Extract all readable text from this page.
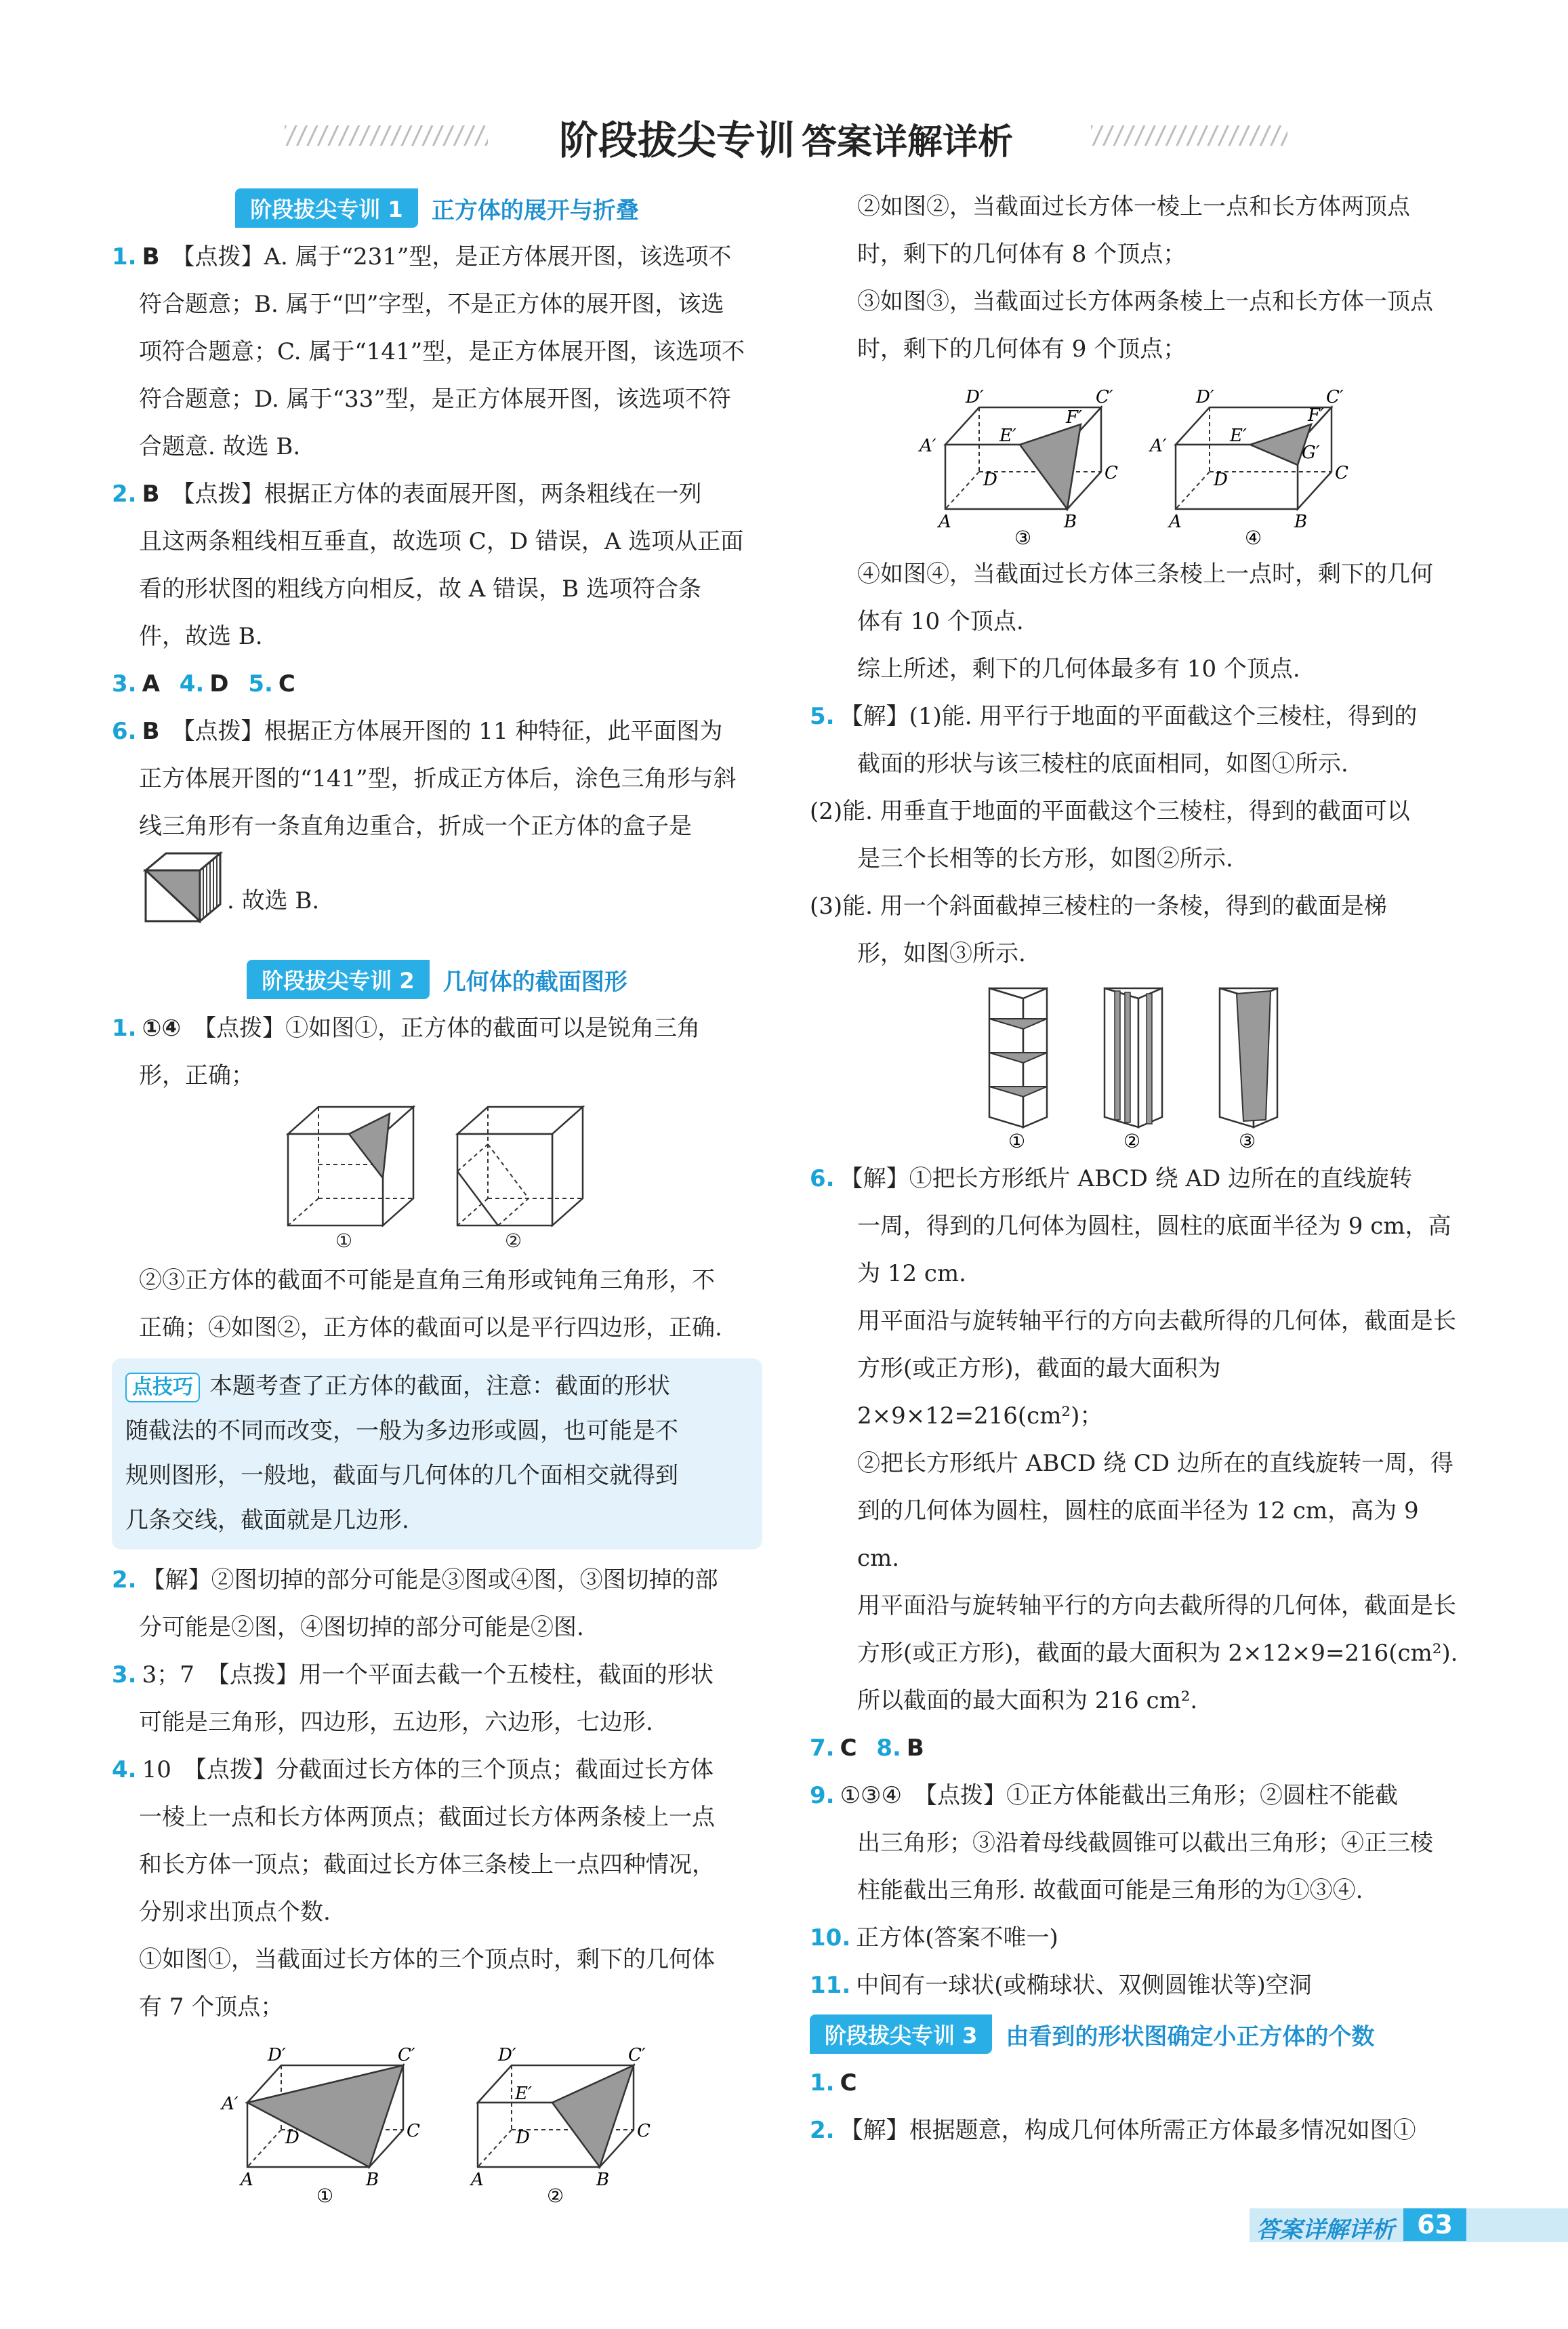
阶段拔尖专训 答案详解详析
阶段拔尖专训 1	正方体的展开与折叠
1. B 【点拨】A. 属于“231”型，是正方体展开图，该选项不
符合题意；B. 属于“凹”字型，不是正方体的展开图，该选
项符合题意；C. 属于“141”型，是正方体展开图，该选项不
符合题意；D. 属于“33”型，是正方体展开图，该选项不符
合题意. 故选 B.
2. B 【点拨】根据正方体的表面展开图，两条粗线在一列
且这两条粗线相互垂直，故选项 C，D 错误，A 选项从正面
看的形状图的粗线方向相反，故 A 错误，B 选项符合条
件，故选 B.
3. A 4. D 5. C
6. B 【点拨】根据正方体展开图的 11 种特征，此平面图为
正方体展开图的“141”型，折成正方体后，涂色三角形与斜
线三角形有一条直角边重合，折成一个正方体的盒子是
. 故选 B.
阶段拔尖专训 2	几何体的截面图形
1. ①④ 【点拨】①如图①，正方体的截面可以是锐角三角
形，正确；
①	②
②③正方体的截面不可能是直角三角形或钝角三角形，不
正确；④如图②，正方体的截面可以是平行四边形，正确.
点技巧 本题考查了正方体的截面，注意：截面的形状
随截法的不同而改变，一般为多边形或圆，也可能是不
规则图形，一般地，截面与几何体的几个面相交就得到
几条交线，截面就是几边形.
2. 【解】②图切掉的部分可能是③图或④图，③图切掉的部
分可能是②图，④图切掉的部分可能是②图.
3. 3；7 【点拨】用一个平面去截一个五棱柱，截面的形状
可能是三角形，四边形，五边形，六边形，七边形.
4. 10 【点拨】分截面过长方体的三个顶点；截面过长方体
一棱上一点和长方体两顶点；截面过长方体两条棱上一点
和长方体一顶点；截面过长方体三条棱上一点四种情况，
分别求出顶点个数.
①如图①，当截面过长方体的三个顶点时，剩下的几何体
有 7 个顶点；
D′	C′
A′
D	C
A	B
①
D′	C′
E′
D	C
A	B
②
②如图②，当截面过长方体一棱上一点和长方体两顶点
时，剩下的几何体有 8 个顶点；
③如图③，当截面过长方体两条棱上一点和长方体一顶点
时，剩下的几何体有 9 个顶点；
D′	C′
A′	E′
F′
D	C
A	B
③
D′	C′
A′	E′
F′
G′
D	C
A	B
④
④如图④，当截面过长方体三条棱上一点时，剩下的几何
体有 10 个顶点.
综上所述，剩下的几何体最多有 10 个顶点.
5. 【解】(1)能. 用平行于地面的平面截这个三棱柱，得到的
截面的形状与该三棱柱的底面相同，如图①所示.
(2)能. 用垂直于地面的平面截这个三棱柱，得到的截面可以
是三个长相等的长方形，如图②所示.
(3)能. 用一个斜面截掉三棱柱的一条棱，得到的截面是梯
形，如图③所示.
①	②	③
6. 【解】①把长方形纸片 ABCD 绕 AD 边所在的直线旋转
一周，得到的几何体为圆柱，圆柱的底面半径为 9 cm，高
为 12 cm.
用平面沿与旋转轴平行的方向去截所得的几何体，截面是长
方形(或正方形)，截面的最大面积为 2×9×12=216(cm²)；
②把长方形纸片 ABCD 绕 CD 边所在的直线旋转一周，得
到的几何体为圆柱，圆柱的底面半径为 12 cm，高为 9 cm.
用平面沿与旋转轴平行的方向去截所得的几何体，截面是长
方形(或正方形)，截面的最大面积为 2×12×9=216(cm²).
所以截面的最大面积为 216 cm².
7. C 8. B
9. ①③④ 【点拨】①正方体能截出三角形；②圆柱不能截
出三角形；③沿着母线截圆锥可以截出三角形；④正三棱
柱能截出三角形. 故截面可能是三角形的为①③④.
10. 正方体(答案不唯一)
11. 中间有一球状(或椭球状、双侧圆锥状等)空洞
阶段拔尖专训 3	由看到的形状图确定小正方体的个数
1. C
2. 【解】根据题意，构成几何体所需正方体最多情况如图①
答案详解详析 63
